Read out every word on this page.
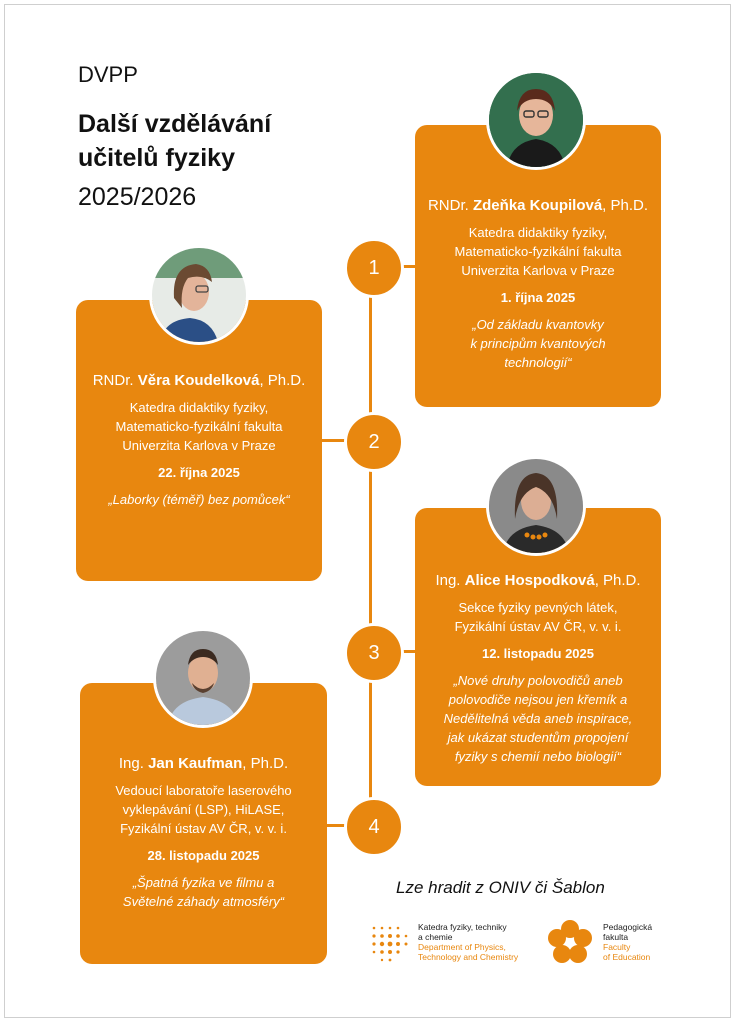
DVPP
Další vzdělávání
učitelů fyziky
2025/2026
1
2
3
4
RNDr. Zdeňka Koupilová, Ph.D.
Katedra didaktiky fyziky,
Matematicko-fyzikální fakulta
Univerzita Karlova v Praze
1. října 2025
„Od základu kvantovky
k principům kvantových
technologií“
RNDr. Věra Koudelková, Ph.D.
Katedra didaktiky fyziky,
Matematicko-fyzikální fakulta
Univerzita Karlova v Praze
22. října 2025
„Laborky (téměř) bez pomůcek“
Ing. Alice Hospodková, Ph.D.
Sekce fyziky pevných látek,
Fyzikální ústav AV ČR, v. v. i.
12. listopadu 2025
„Nové druhy polovodičů aneb
polovodiče nejsou jen křemík a
Nedělitelná věda aneb inspirace,
jak ukázat studentům propojení
fyziky s chemií nebo biologií“
Ing. Jan Kaufman, Ph.D.
Vedoucí laboratoře laserového
vyklepávání (LSP), HiLASE,
Fyzikální ústav AV ČR, v. v. i.
28. listopadu 2025
„Špatná fyzika ve filmu a
Světelné záhady atmosféry“
Lze hradit z ONIV či Šablon
Katedra fyziky, techniky
a chemie
Department of Physics,
Technology and Chemistry
Pedagogická
fakulta
Faculty
of Education
